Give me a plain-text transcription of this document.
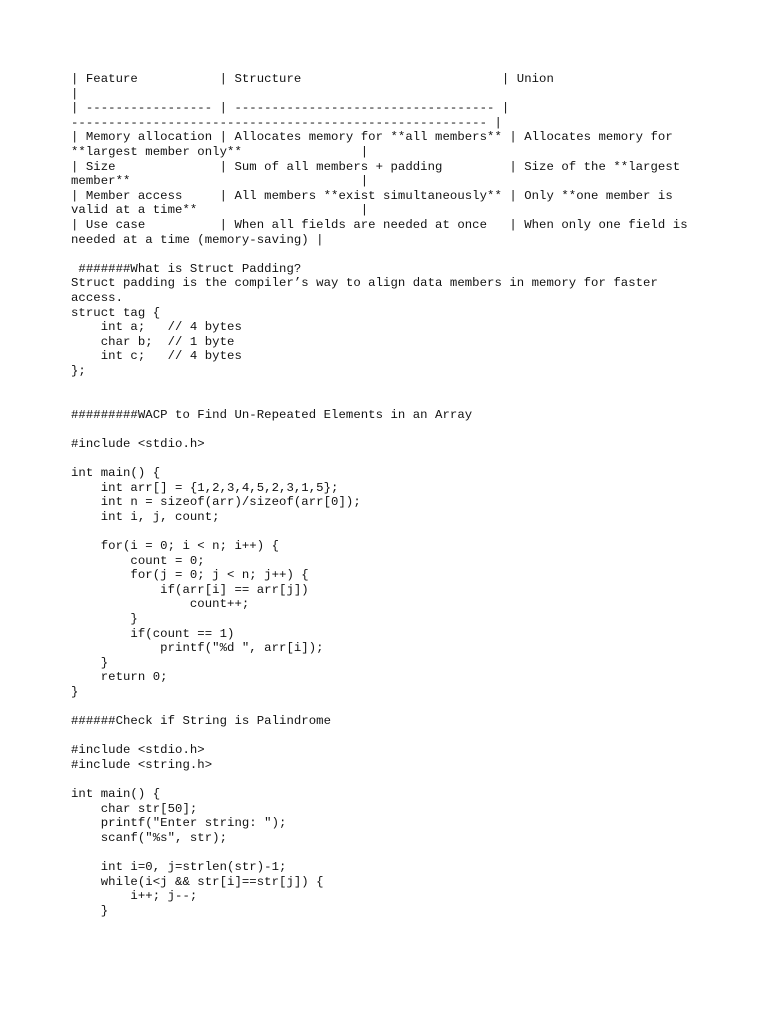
| Feature           | Structure                           | Union
|
| ----------------- | ----------------------------------- |
-------------------------------------------------------- |
| Memory allocation | Allocates memory for **all members** | Allocates memory for
**largest member only**                |
| Size              | Sum of all members + padding         | Size of the **largest
member**                               |
| Member access     | All members **exist simultaneously** | Only **one member is
valid at a time**                      |
| Use case          | When all fields are needed at once   | When only one field is
needed at a time (memory-saving) |
#######What is Struct Padding?
Struct padding is the compiler’s way to align data members in memory for faster
access.
struct tag {
int a;   // 4 bytes
char b;  // 1 byte
int c;   // 4 bytes
};
#########WACP to Find Un-Repeated Elements in an Array
#include <stdio.h>
int main() {
int arr[] = {1,2,3,4,5,2,3,1,5};
int n = sizeof(arr)/sizeof(arr[0]);
int i, j, count;
for(i = 0; i < n; i++) {
count = 0;
for(j = 0; j < n; j++) {
if(arr[i] == arr[j])
count++;
}
if(count == 1)
printf("%d ", arr[i]);
}
return 0;
}
######Check if String is Palindrome
#include <stdio.h>
#include <string.h>
int main() {
char str[50];
printf("Enter string: ");
scanf("%s", str);
int i=0, j=strlen(str)-1;
while(i<j && str[i]==str[j]) {
i++; j--;
}
